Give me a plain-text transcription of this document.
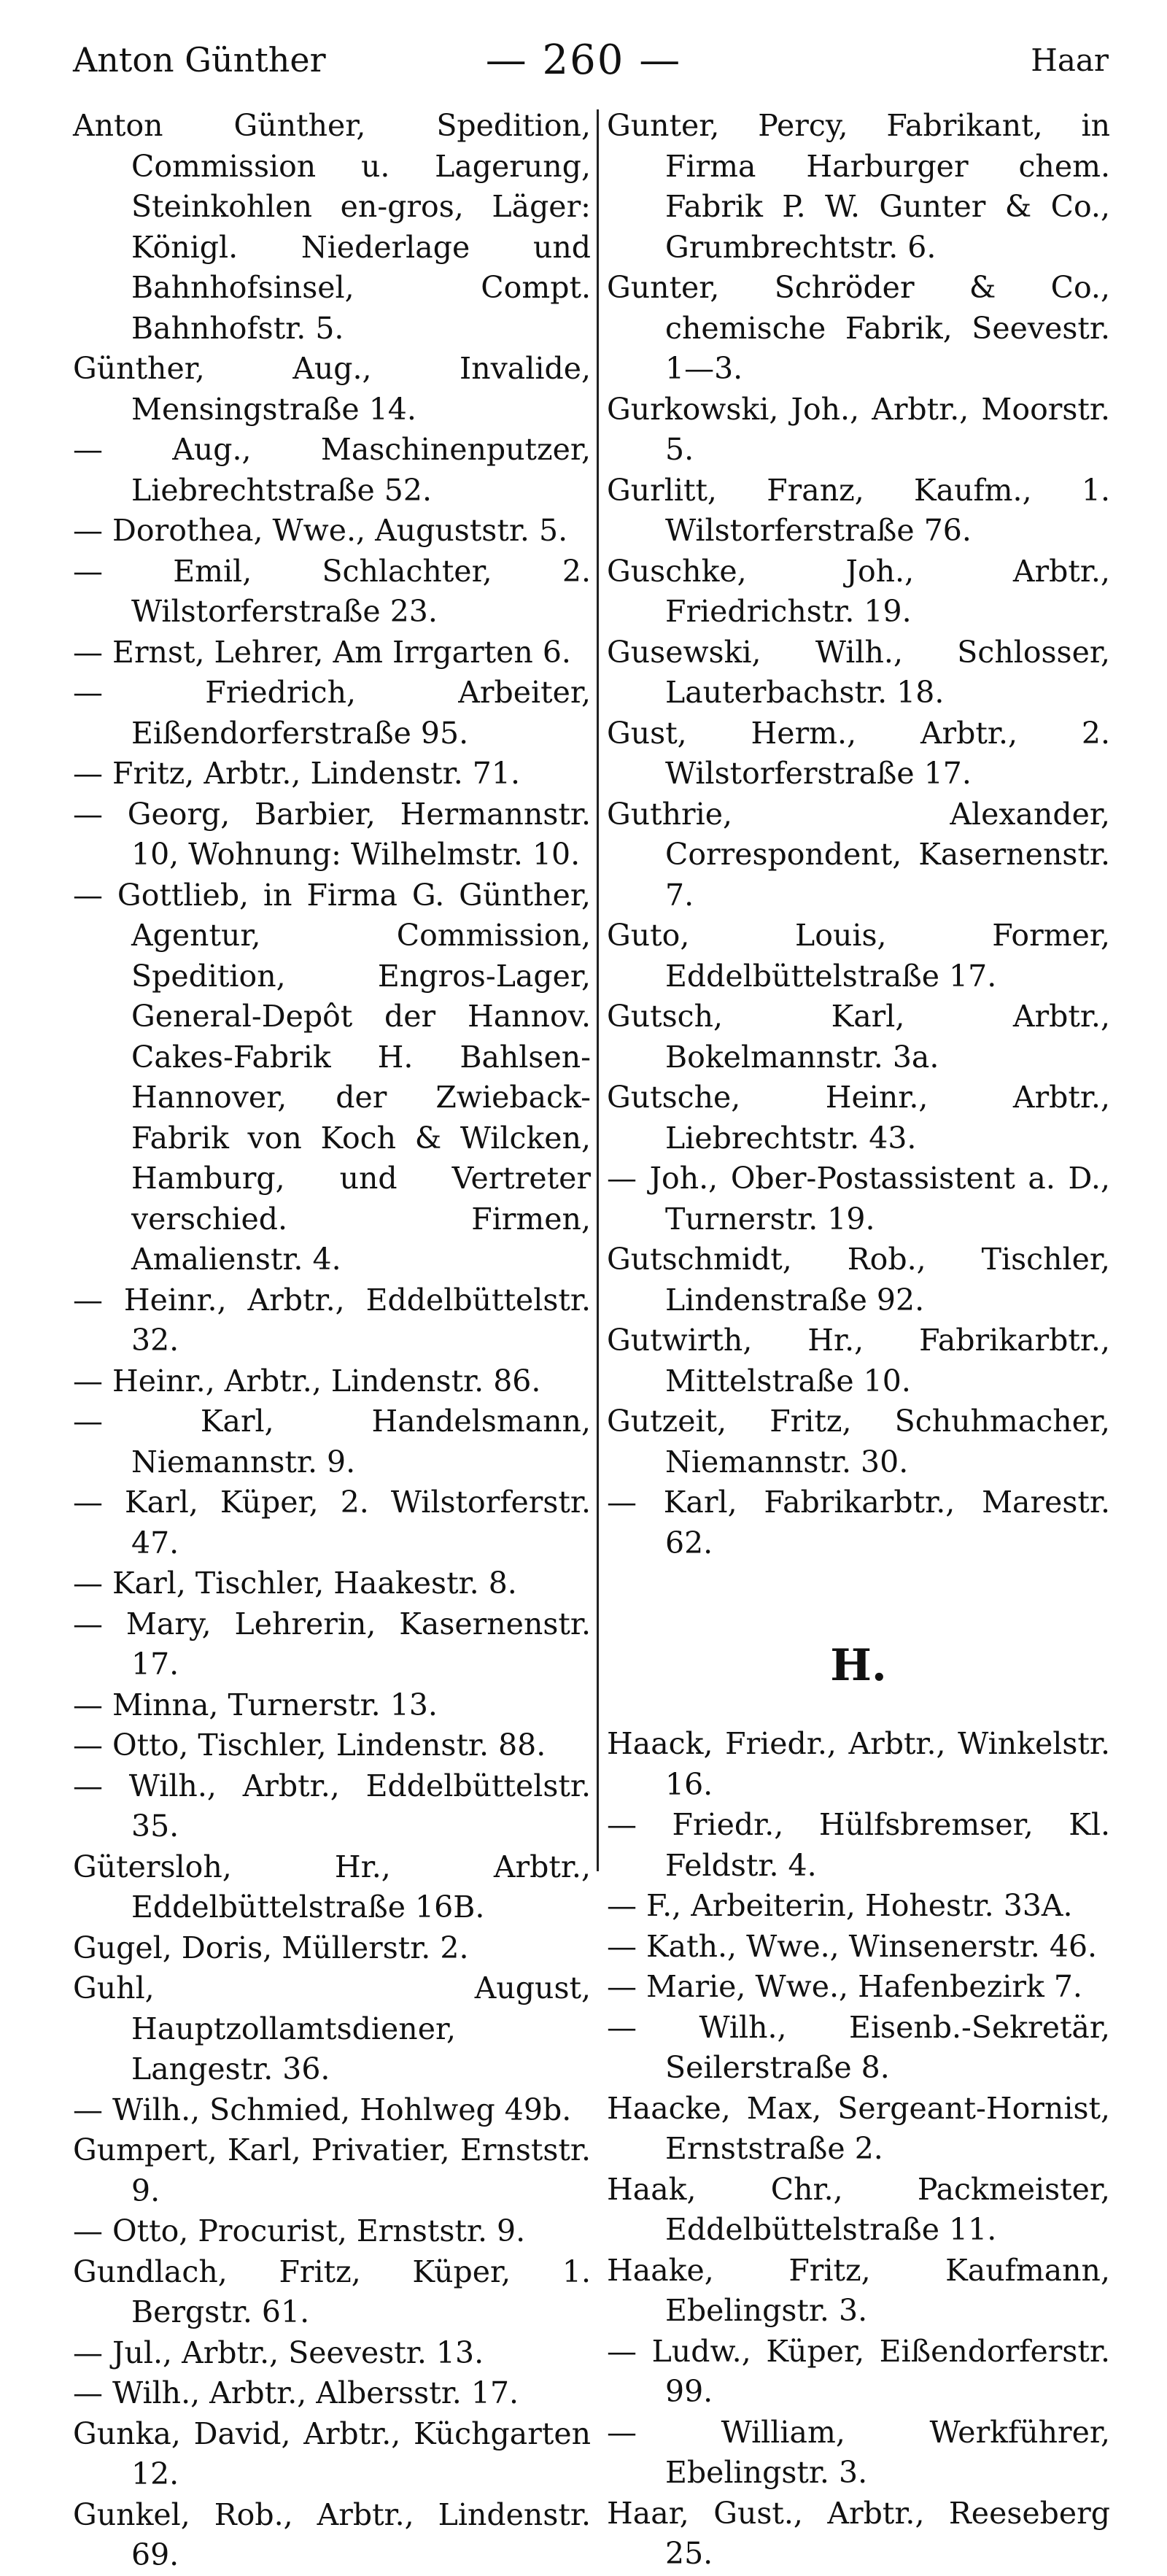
— 260 —
Anton Günther	Haar
Anton Günther, Spedition, Commission u. Lagerung, Steinkohlen en-gros, Läger: Königl. Niederlage und Bahnhofsinsel, Compt. Bahnhofstr. 5.
Günther, Aug., Invalide, Mensingstraße 14.
— Aug., Maschinenputzer, Liebrechtstraße 52.
— Dorothea, Wwe., Auguststr. 5.
— Emil, Schlachter, 2. Wilstorferstraße 23.
— Ernst, Lehrer, Am Irrgarten 6.
— Friedrich, Arbeiter, Eißendorferstraße 95.
— Fritz, Arbtr., Lindenstr. 71.
— Georg, Barbier, Hermannstr. 10, Wohnung: Wilhelmstr. 10.
— Gottlieb, in Firma G. Günther, Agentur, Commission, Spedition, Engros-Lager, General-Depôt der Hannov. Cakes-Fabrik H. Bahlsen-Hannover, der Zwieback-Fabrik von Koch & Wilcken, Hamburg, und Vertreter verschied. Firmen, Amalienstr. 4.
— Heinr., Arbtr., Eddelbüttelstr. 32.
— Heinr., Arbtr., Lindenstr. 86.
— Karl, Handelsmann, Niemannstr. 9.
— Karl, Küper, 2. Wilstorferstr. 47.
— Karl, Tischler, Haakestr. 8.
— Mary, Lehrerin, Kasernenstr. 17.
— Minna, Turnerstr. 13.
— Otto, Tischler, Lindenstr. 88.
— Wilh., Arbtr., Eddelbüttelstr. 35.
Gütersloh, Hr., Arbtr., Eddelbüttelstraße 16B.
Gugel, Doris, Müllerstr. 2.
Guhl, August, Hauptzollamtsdiener, Langestr. 36.
— Wilh., Schmied, Hohlweg 49b.
Gumpert, Karl, Privatier, Ernststr. 9.
— Otto, Procurist, Ernststr. 9.
Gundlach, Fritz, Küper, 1. Bergstr. 61.
— Jul., Arbtr., Seevestr. 13.
— Wilh., Arbtr., Albersstr. 17.
Gunka, David, Arbtr., Küchgarten 12.
Gunkel, Rob., Arbtr., Lindenstr. 69.
Gunter, Percy, Fabrikant, in Firma Harburger chem. Fabrik P. W. Gunter & Co., Grumbrechtstr. 6.
Gunter, Schröder & Co., chemische Fabrik, Seevestr. 1—3.
Gurkowski, Joh., Arbtr., Moorstr. 5.
Gurlitt, Franz, Kaufm., 1. Wilstorferstraße 76.
Guschke, Joh., Arbtr., Friedrichstr. 19.
Gusewski, Wilh., Schlosser, Lauterbachstr. 18.
Gust, Herm., Arbtr., 2. Wilstorferstraße 17.
Guthrie, Alexander, Correspondent, Kasernenstr. 7.
Guto, Louis, Former, Eddelbüttelstraße 17.
Gutsch, Karl, Arbtr., Bokelmannstr. 3a.
Gutsche, Heinr., Arbtr., Liebrechtstr. 43.
— Joh., Ober-Postassistent a. D., Turnerstr. 19.
Gutschmidt, Rob., Tischler, Lindenstraße 92.
Gutwirth, Hr., Fabrikarbtr., Mittelstraße 10.
Gutzeit, Fritz, Schuhmacher, Niemannstr. 30.
— Karl, Fabrikarbtr., Marestr. 62.
H.
Haack, Friedr., Arbtr., Winkelstr. 16.
— Friedr., Hülfsbremser, Kl. Feldstr. 4.
— F., Arbeiterin, Hohestr. 33A.
— Kath., Wwe., Winsenerstr. 46.
— Marie, Wwe., Hafenbezirk 7.
— Wilh., Eisenb.-Sekretär, Seilerstraße 8.
Haacke, Max, Sergeant-Hornist, Ernststraße 2.
Haak, Chr., Packmeister, Eddelbüttelstraße 11.
Haake, Fritz, Kaufmann, Ebelingstr. 3.
— Ludw., Küper, Eißendorferstr. 99.
— William, Werkführer, Ebelingstr. 3.
Haar, Gust., Arbtr., Reeseberg 25.
